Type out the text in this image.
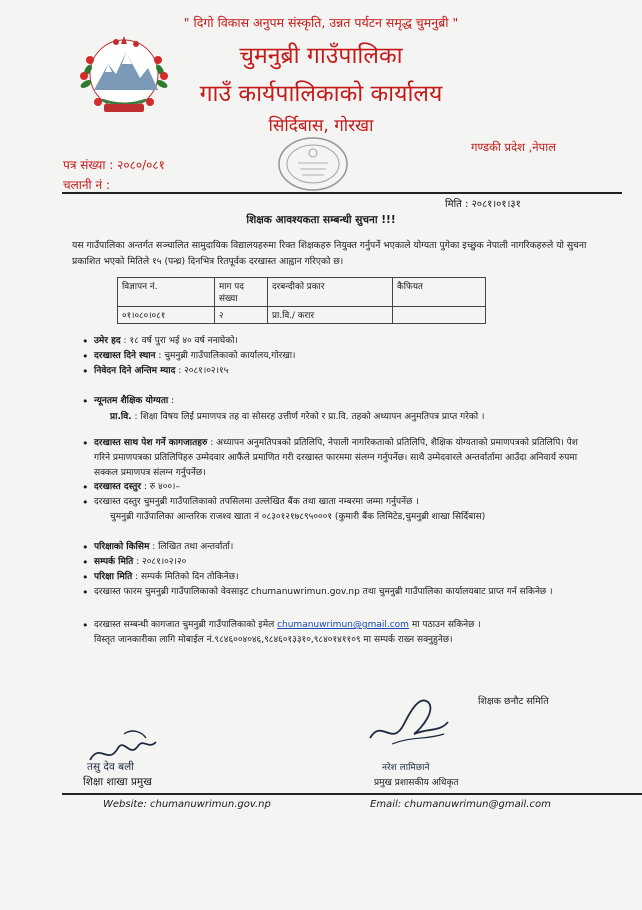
" दिगो विकास अनुपम संस्कृति, उन्नत पर्यटन समृद्ध चुमनुब्री "
चुमनुब्री गाउँपालिका
गाउँ कार्यपालिकाको कार्यालय
सिर्दिबास, गोरखा
गण्डकी प्रदेश ,नेपाल
पत्र संख्या : २०८०/०८१
चलानी नं :
मिति : २०८१।०१।३१
शिक्षक आवश्यकता सम्बन्धी सुचना !!!
यस गाउँपालिका अन्तर्गत सञ्चालित सामुदायिक विद्यालयहरुमा रिक्त शिक्षकहरु नियुक्त गर्नुपर्ने भएकाले योग्यता पुगेका इच्छुक नेपाली नागरिकहरुले यो सुचना प्रकाशित भएको मितिले १५ (पन्ध्र) दिनभित्र रितपूर्वक दरखास्त आह्वान गरिएको छ।
विज्ञापन नं.	माग पद संख्या	दरबन्दीको प्रकार	कैफियत
०१।०८०।०८१	२	प्रा.वि./ करार	
• उमेर हद : १८ वर्ष पुरा भई ४० वर्ष ननाघेको।
• दरखास्त दिने स्थान : चुमनुब्री गाउँपालिकाको कार्यालय,गोरखा।
• निवेदन दिने अन्तिम म्याद : २०८१।०२।१५
• न्यूनतम शैक्षिक योग्यता :
प्रा.वि. : शिक्षा विषय लिई प्रमाणपत्र तह वा सोसरह उत्तीर्ण गरेको र प्रा.वि. तहको अध्यापन अनुमतिपत्र प्राप्त गरेको ।
• दरखास्त साथ पेश गर्ने कागजातहरु : अध्यापन अनुमतिपत्रको प्रतिलिपि, नेपाली नागरिकताको प्रतिलिपि, शैक्षिक योग्यताको प्रमाणपत्रको प्रतिलिपि। पेश गरिने प्रमाणपत्रका प्रतिलिपिहरु उम्मेदवार आफैंले प्रमाणित गरी दरखास्त फारममा संलग्न गर्नुपर्नेछ। साथै उम्मेदवारले अन्तर्वार्तामा आउँदा अनिवार्य रुपमा सक्कल प्रमाणपत्र संलग्न गर्नुपर्नेछ।
• दरखास्त दस्तुर : रु ४००।–
• दरखास्त दस्तुर चुमनुब्री गाउँपालिकाको तपसिलमा उल्लेखित बैंक तथा खाता नम्बरमा जम्मा गर्नुपर्नेछ ।
चुमनुब्री गाउँपालिका आन्तरिक राजश्व खाता नं ०८३०१२१७८९५०००१ (कुमारी बैंक लिमिटेड,चुमनुब्री शाखा सिर्दिबास)
• परिक्षाको किसिम : लिखित तथा अन्तर्वार्ता।
• सम्पर्क मिति : २०८१।०२।२०
• परिक्षा मिति : सम्पर्क मितिको दिन तोकिनेछ।
• दरखास्त फारम चुमनुब्री गाउँपालिकाको वेवसाइट chumanuwrimun.gov.np तथा चुमनुब्री गाउँपालिका कार्यालयबाट प्राप्त गर्न सकिनेछ ।
• दरखास्त सम्बन्धी कागजात चुमनुब्री गाउँपालिकाको इमेल chumanuwrimun@gmail.com मा पठाउन सकिनेछ ।
विस्तृत जानकारीका लागि मोबाईल नं.९८४६००४०४६,९८४६०१३३१०,९८४०१४११०९ मा सम्पर्क राख्न सक्नुहुनेछ।
शिक्षक छनौट समिति
तसु देव बली
शिक्षा शाखा प्रमुख
नरेश लामिछाने
प्रमुख प्रशासकीय अधिकृत
Website: chumanuwrimun.gov.np	Email: chumanuwrimun@gmail.com
